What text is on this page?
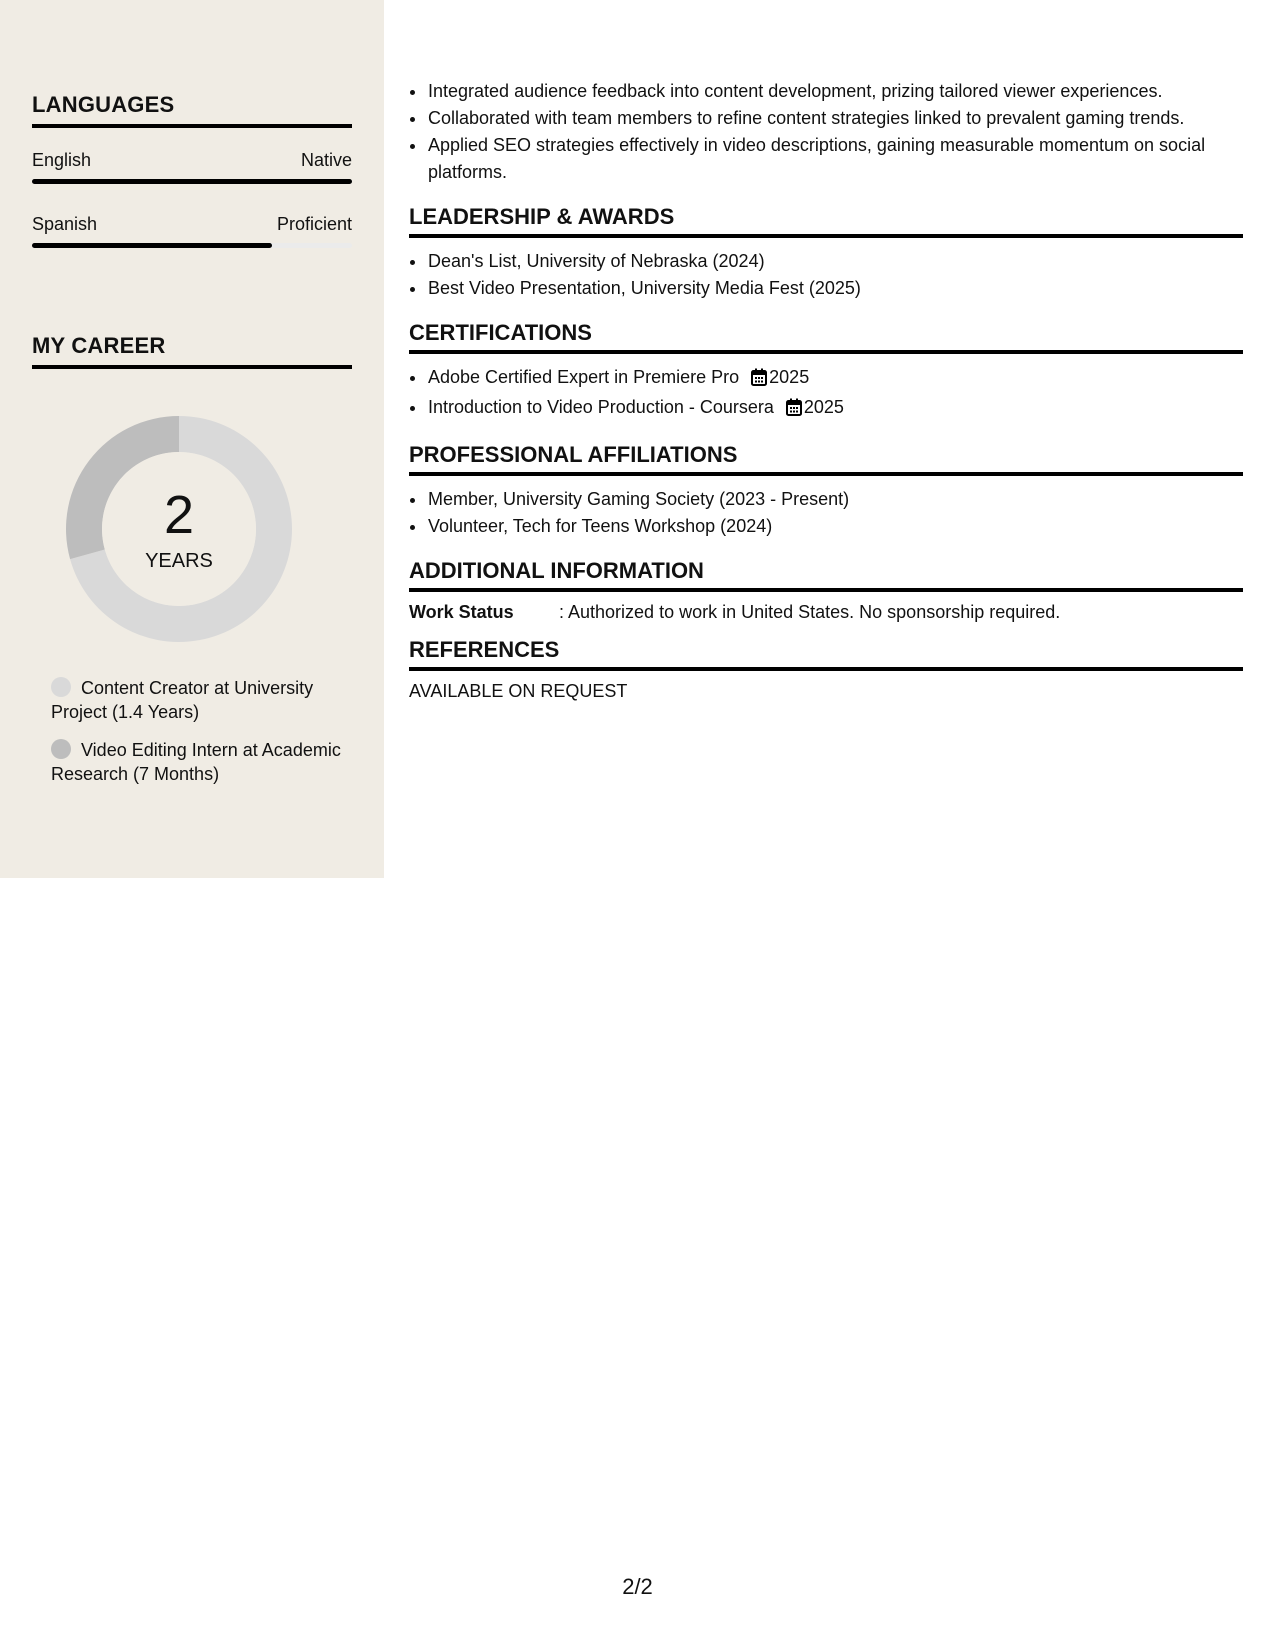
LANGUAGES
English	Native
Spanish	Proficient
MY CAREER
2
YEARS
Content Creator at University Project (1.4 Years)
Video Editing Intern at Academic Research (7 Months)
• Integrated audience feedback into content development, prizing tailored viewer experiences.
• Collaborated with team members to refine content strategies linked to prevalent gaming trends.
• Applied SEO strategies effectively in video descriptions, gaining measurable momentum on social platforms.
LEADERSHIP & AWARDS
• Dean's List, University of Nebraska (2024)
• Best Video Presentation, University Media Fest (2025)
CERTIFICATIONS
• Adobe Certified Expert in Premiere Pro 2025
• Introduction to Video Production - Coursera 2025
PROFESSIONAL AFFILIATIONS
• Member, University Gaming Society (2023 - Present)
• Volunteer, Tech for Teens Workshop (2024)
ADDITIONAL INFORMATION
Work Status	: Authorized to work in United States. No sponsorship required.
REFERENCES
AVAILABLE ON REQUEST
2/2
